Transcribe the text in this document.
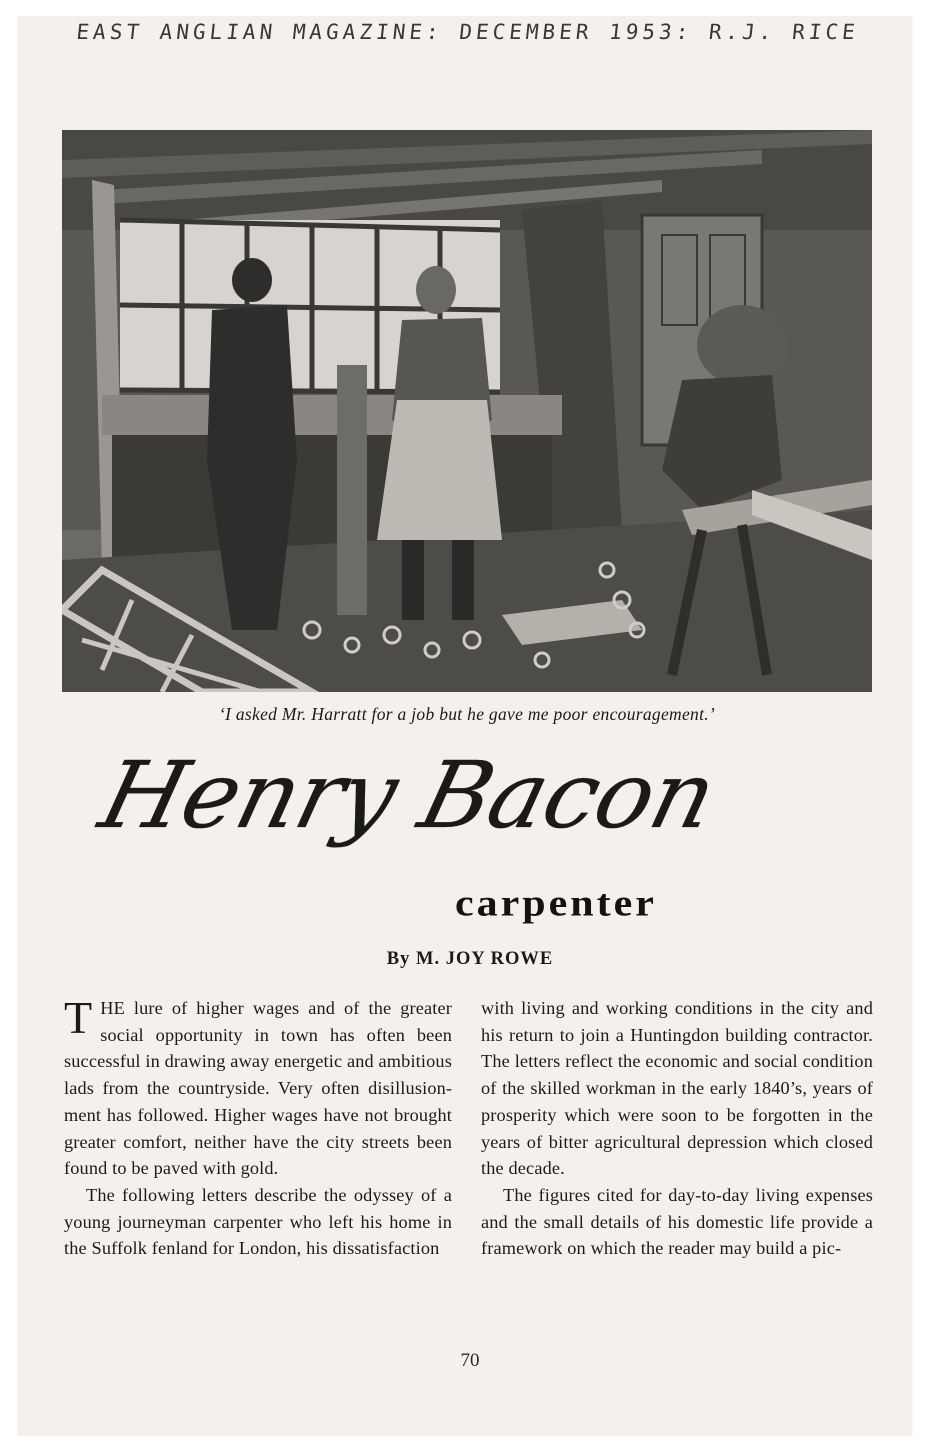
EAST ANGLIAN MAGAZINE: DECEMBER 1953: R.J. RICE
‘I asked Mr. Harratt for a job but he gave me poor encouragement.’
Henry Bacon
carpenter
By M. JOY ROWE

THE lure of higher wages and of the greater social opportunity in town has often been successful in drawing away energetic and ambitious lads from the countryside. Very often disillusionment has followed. Higher wages have not brought greater comfort, neither have the city streets been found to be paved with gold.

The following letters describe the odyssey of a young journeyman carpenter who left his home in the Suffolk fenland for London, his dissatisfaction

with living and working conditions in the city and his return to join a Huntingdon building contractor. The letters reflect the economic and social condition of the skilled workman in the early 1840’s, years of prosperity which were soon to be forgotten in the years of bitter agricultural depression which closed the decade.

The figures cited for day-to-day living expenses and the small details of his domestic life provide a framework on which the reader may build a pic-

70
